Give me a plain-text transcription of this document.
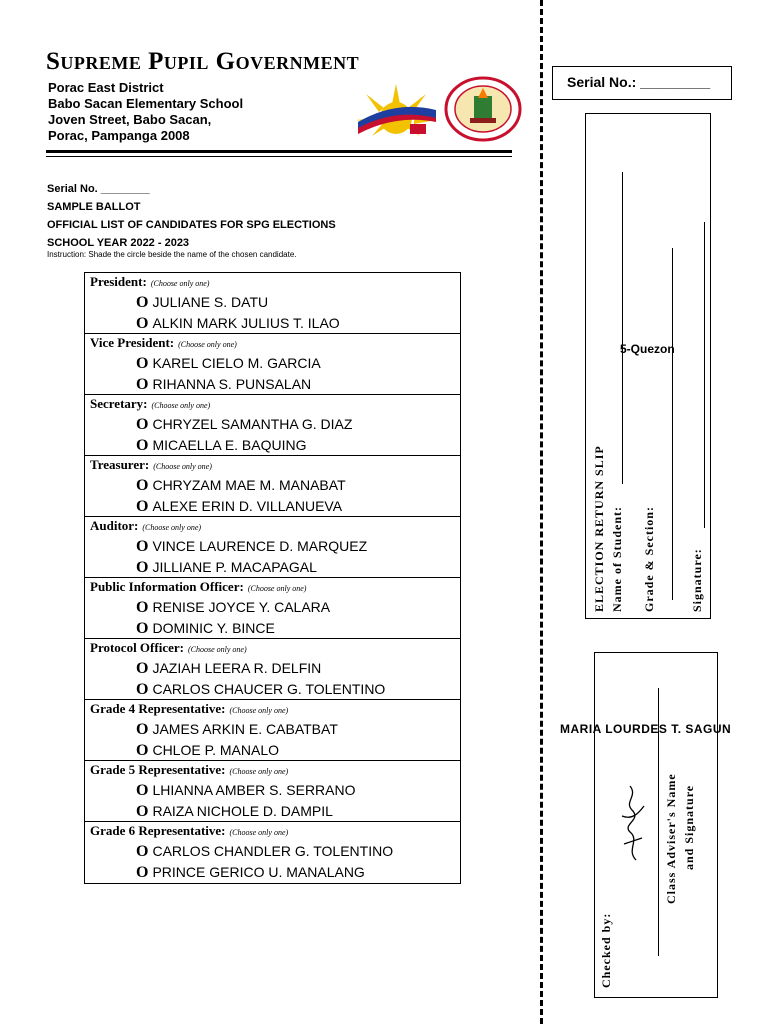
Supreme Pupil Government
Porac East District
Babo Sacan Elementary School
Joven Street, Babo Sacan,
Porac, Pampanga 2008
Serial No. ________
SAMPLE BALLOT
OFFICIAL LIST OF CANDIDATES FOR SPG ELECTIONS
SCHOOL YEAR 2022 - 2023
Instruction: Shade the circle beside the name of the chosen candidate.
President: (Choose only one)
O JULIANE S. DATU
O ALKIN MARK JULIUS T. ILAO
Vice President: (Choose only one)
O KAREL CIELO M. GARCIA
O RIHANNA S. PUNSALAN
Secretary: (Choose only one)
O CHRYZEL SAMANTHA G. DIAZ
O MICAELLA E. BAQUING
Treasurer: (Choose only one)
O CHRYZAM MAE M. MANABAT
O ALEXE ERIN D. VILLANUEVA
Auditor: (Choose only one)
O VINCE LAURENCE D. MARQUEZ
O JILLIANE P. MACAPAGAL
Public Information Officer: (Choose only one)
O RENISE JOYCE Y. CALARA
O DOMINIC Y. BINCE
Protocol Officer: (Choose only one)
O JAZIAH LEERA R. DELFIN
O CARLOS CHAUCER G. TOLENTINO
Grade 4 Representative: (Choose only one)
O JAMES ARKIN E. CABATBAT
O CHLOE P. MANALO
Grade 5 Representative: (Choose only one)
O LHIANNA AMBER S. SERRANO
O RAIZA NICHOLE D. DAMPIL
Grade 6 Representative: (Choose only one)
O CARLOS CHANDLER G. TOLENTINO
O PRINCE GERICO U. MANALANG
Serial No.: _________
ELECTION RETURN SLIP Name of Student: Grade & Section:	Signature:
5-Quezon
Checked by:
Class Adviser's Name and Signature
MARIA LOURDES T. SAGUN
